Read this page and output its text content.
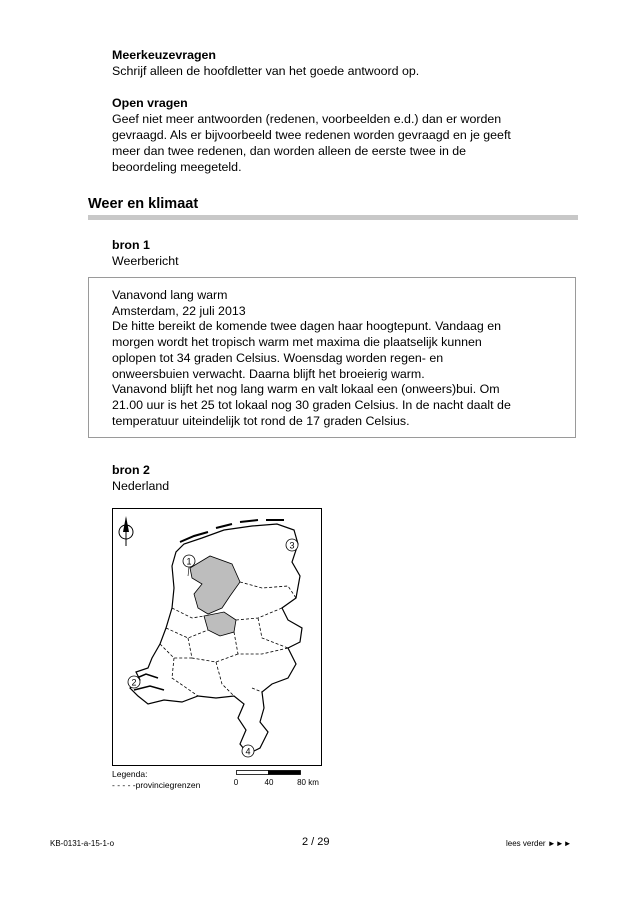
Meerkeuzevragen
Schrijf alleen de hoofdletter van het goede antwoord op.
Open vragen
Geef niet meer antwoorden (redenen, voorbeelden e.d.) dan er worden
gevraagd. Als er bijvoorbeeld twee redenen worden gevraagd en je geeft
meer dan twee redenen, dan worden alleen de eerste twee in de
beoordeling meegeteld.
Weer en klimaat
bron 1
Weerbericht
Vanavond lang warm
Amsterdam, 22 juli 2013
De hitte bereikt de komende twee dagen haar hoogtepunt. Vandaag en
morgen wordt het tropisch warm met maxima die plaatselijk kunnen
oplopen tot 34 graden Celsius. Woensdag worden regen- en
onweersbuien verwacht. Daarna blijft het broeierig warm.
Vanavond blijft het nog lang warm en valt lokaal een (onweers)bui. Om
21.00 uur is het 25 tot lokaal nog 30 graden Celsius. In de nacht daalt de
temperatuur uiteindelijk tot rond de 17 graden Celsius.
bron 2
Nederland
1
2
3
4
Legenda:
- - - - -provinciegrenzen	0	40	80 km
KB-0131-a-15-1-o	2 / 29	lees verder ►►►
